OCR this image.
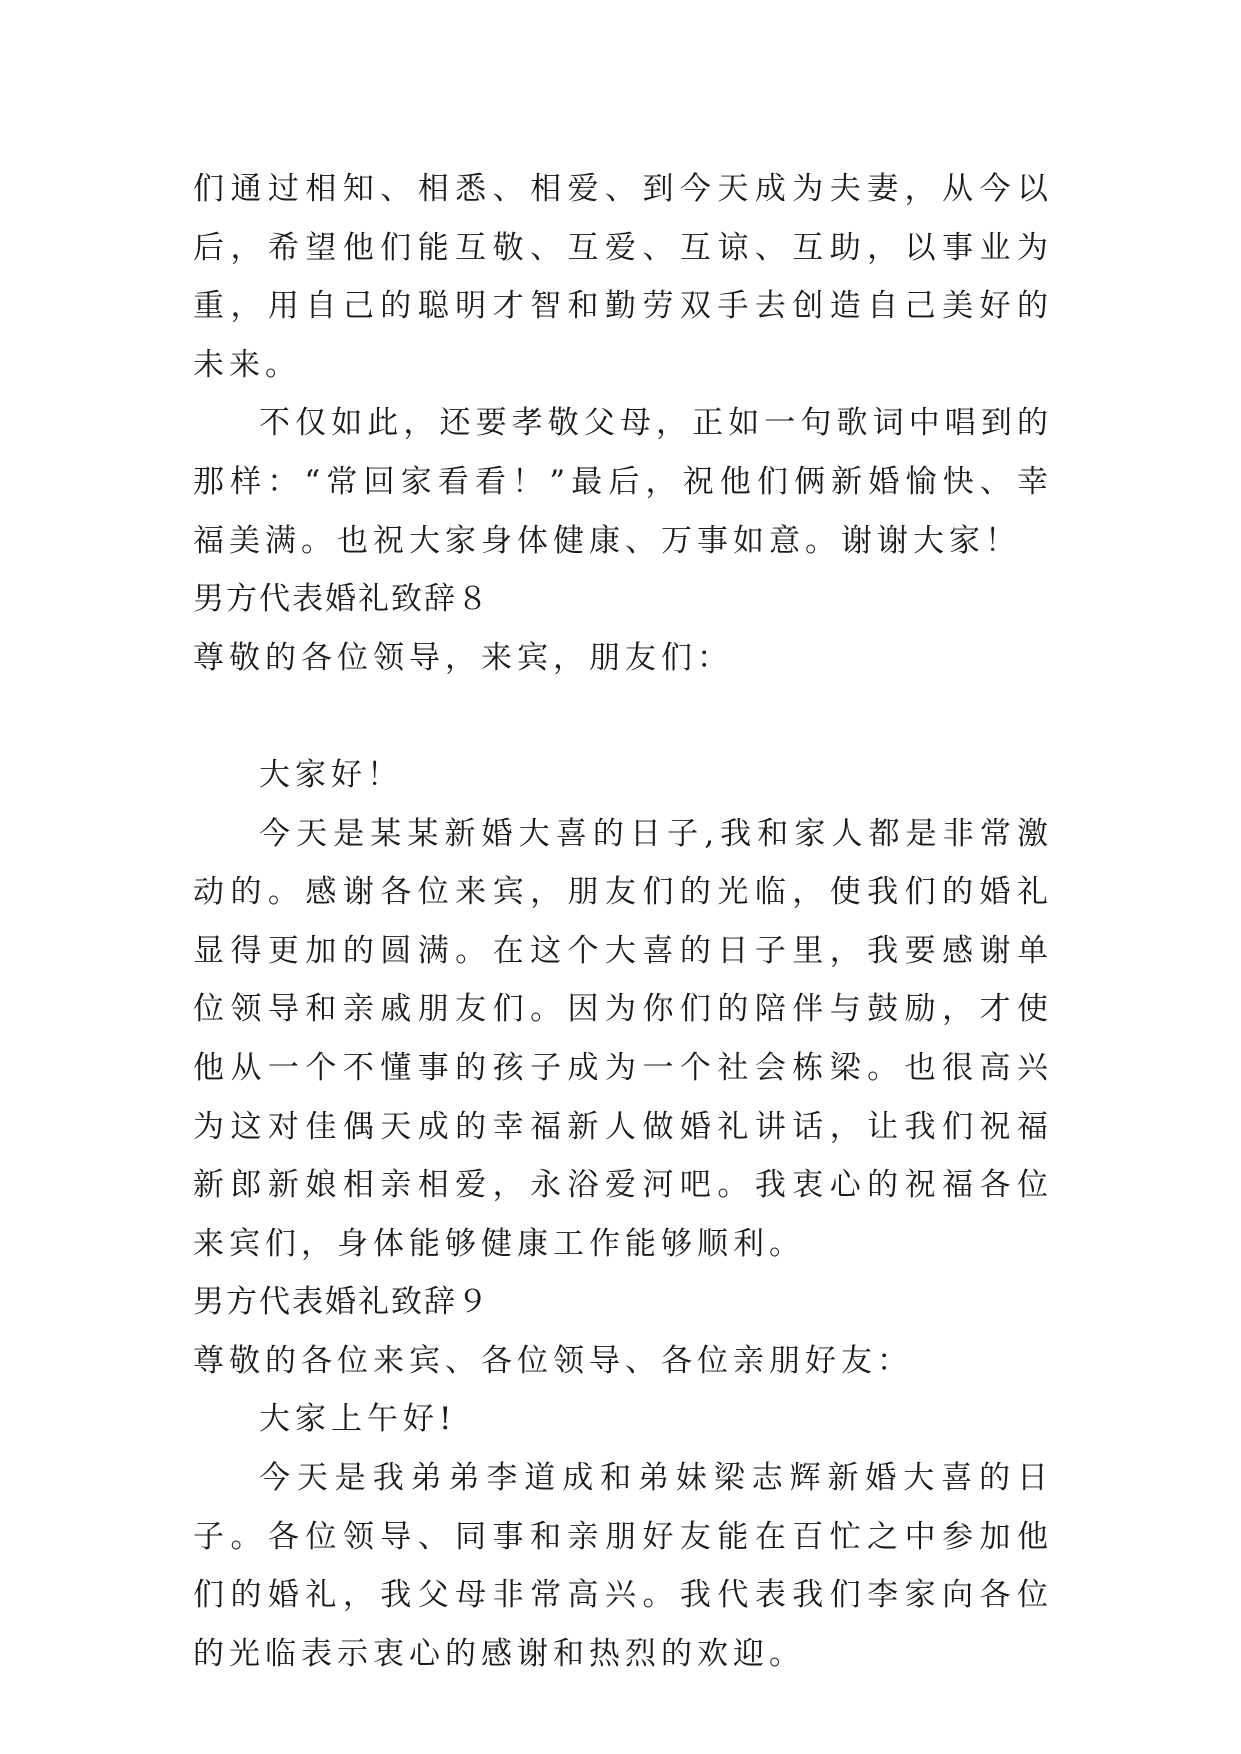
们通过相知、相悉、相爱、到今天成为夫妻，从今以后，希望他们能互敬、互爱、互谅、互助，以事业为重，用自己的聪明才智和勤劳双手去创造自己美好的未来。

不仅如此，还要孝敬父母，正如一句歌词中唱到的那样：“常回家看看！”最后，祝他们俩新婚愉快、幸福美满。也祝大家身体健康、万事如意。谢谢大家！

男方代表婚礼致辞８

尊敬的各位领导，来宾，朋友们：

大家好！

今天是某某新婚大喜的日子,我和家人都是非常激动的。感谢各位来宾，朋友们的光临，使我们的婚礼显得更加的圆满。在这个大喜的日子里，我要感谢单位领导和亲戚朋友们。因为你们的陪伴与鼓励，才使他从一个不懂事的孩子成为一个社会栋梁。也很高兴为这对佳偶天成的幸福新人做婚礼讲话，让我们祝福新郎新娘相亲相爱，永浴爱河吧。我衷心的祝福各位来宾们，身体能够健康工作能够顺利。

男方代表婚礼致辞９

尊敬的各位来宾、各位领导、各位亲朋好友：

大家上午好!

今天是我弟弟李道成和弟妹梁志辉新婚大喜的日子。各位领导、同事和亲朋好友能在百忙之中参加他们的婚礼，我父母非常高兴。我代表我们李家向各位的光临表示衷心的感谢和热烈的欢迎。
